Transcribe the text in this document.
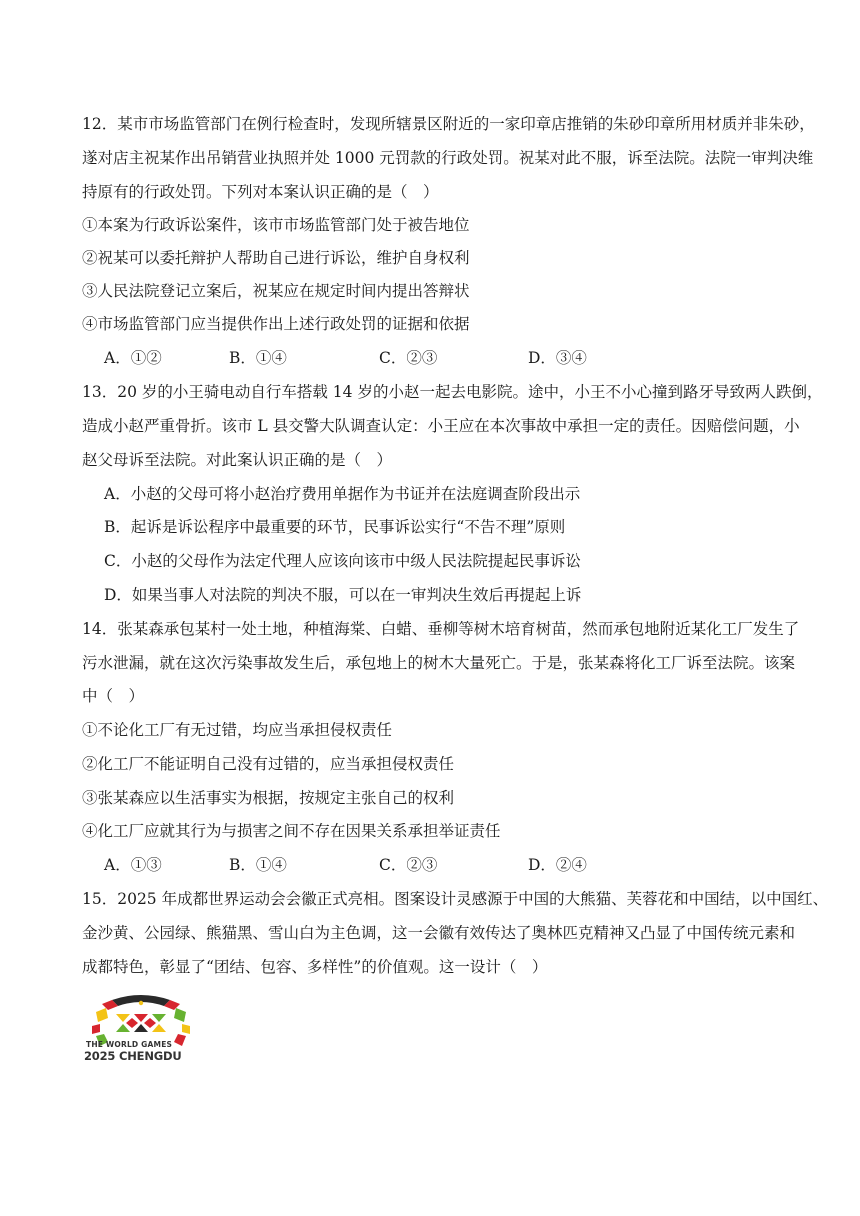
12．某市市场监管部门在例行检查时，发现所辖景区附近的一家印章店推销的朱砂印章所用材质并非朱砂，
遂对店主祝某作出吊销营业执照并处 1000 元罚款的行政处罚。祝某对此不服，诉至法院。法院一审判决维
持原有的行政处罚。下列对本案认识正确的是（　）
①本案为行政诉讼案件，该市市场监管部门处于被告地位
②祝某可以委托辩护人帮助自己进行诉讼，维护自身权利
③人民法院登记立案后，祝某应在规定时间内提出答辩状
④市场监管部门应当提供作出上述行政处罚的证据和依据
A．①②	B．①④	C．②③	D．③④
13．20 岁的小王骑电动自行车搭载 14 岁的小赵一起去电影院。途中，小王不小心撞到路牙导致两人跌倒，
造成小赵严重骨折。该市 L 县交警大队调查认定：小王应在本次事故中承担一定的责任。因赔偿问题，小
赵父母诉至法院。对此案认识正确的是（　）
A．小赵的父母可将小赵治疗费用单据作为书证并在法庭调查阶段出示
B．起诉是诉讼程序中最重要的环节，民事诉讼实行“不告不理”原则
C．小赵的父母作为法定代理人应该向该市中级人民法院提起民事诉讼
D．如果当事人对法院的判决不服，可以在一审判决生效后再提起上诉
14．张某森承包某村一处土地，种植海棠、白蜡、垂柳等树木培育树苗，然而承包地附近某化工厂发生了
污水泄漏，就在这次污染事故发生后，承包地上的树木大量死亡。于是，张某森将化工厂诉至法院。该案
中（　）
①不论化工厂有无过错，均应当承担侵权责任
②化工厂不能证明自己没有过错的，应当承担侵权责任
③张某森应以生活事实为根据，按规定主张自己的权利
④化工厂应就其行为与损害之间不存在因果关系承担举证责任
A．①③	B．①④	C．②③	D．②④
15．2025 年成都世界运动会会徽正式亮相。图案设计灵感源于中国的大熊猫、芙蓉花和中国结，以中国红、
金沙黄、公园绿、熊猫黑、雪山白为主色调，这一会徽有效传达了奥林匹克精神又凸显了中国传统元素和
成都特色，彰显了“团结、包容、多样性”的价值观。这一设计（　）
THE WORLD GAMES
2025 CHENGDU
